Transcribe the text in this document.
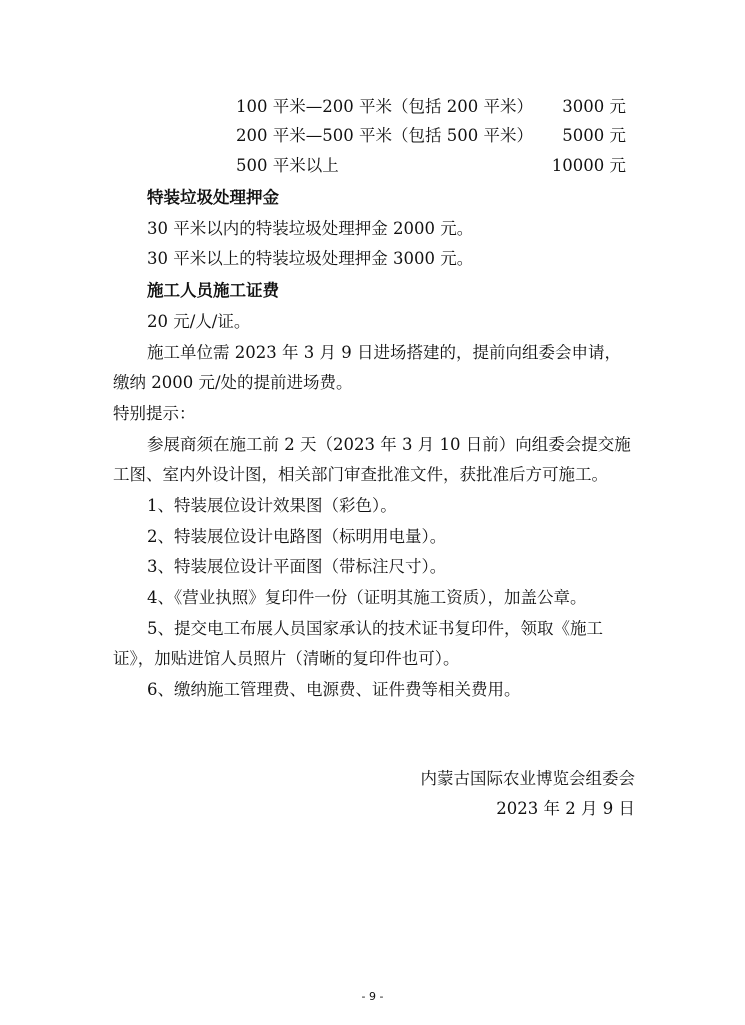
100 平米—200 平米（包括 200 平米） 3000 元
200 平米—500 平米（包括 500 平米） 5000 元
500 平米以上	10000 元
特装垃圾处理押金
30 平米以内的特装垃圾处理押金 2000 元。
30 平米以上的特装垃圾处理押金 3000 元。
施工人员施工证费
20 元/人/证。
施工单位需 2023 年 3 月 9 日进场搭建的，提前向组委会申请，
缴纳 2000 元/处的提前进场费。
特别提示：
参展商须在施工前 2 天（2023 年 3 月 10 日前）向组委会提交施
工图、室内外设计图，相关部门审查批准文件，获批准后方可施工。
1、特装展位设计效果图（彩色）。
2、特装展位设计电路图（标明用电量）。
3、特装展位设计平面图（带标注尺寸）。
4、《营业执照》复印件一份（证明其施工资质），加盖公章。
5、提交电工布展人员国家承认的技术证书复印件，领取《施工
证》，加贴进馆人员照片（清晰的复印件也可）。
6、缴纳施工管理费、电源费、证件费等相关费用。
内蒙古国际农业博览会组委会
2023 年 2 月 9 日
- 9 -
